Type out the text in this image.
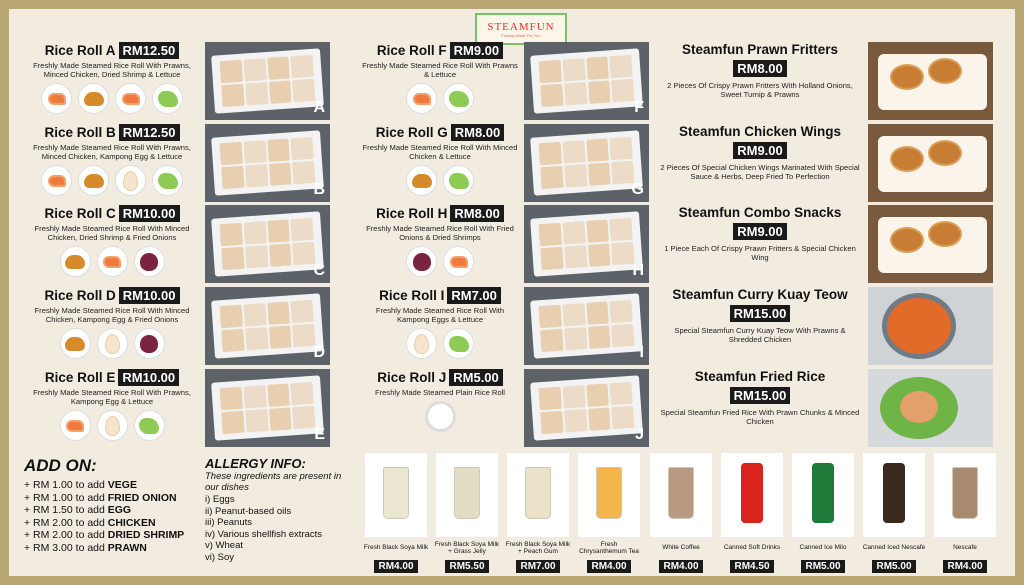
STEAMFUN
Freshly Made For You
Rice Roll A RM12.50
Freshly Made Steamed Rice Roll With Prawns, Minced Chicken, Dried Shrimp & Lettuce
A
Rice Roll B RM12.50
Freshly Made Steamed Rice Roll With Prawns, Minced Chicken, Kampong Egg & Lettuce
B
Rice Roll C RM10.00
Freshly Made Steamed Rice Roll With Minced Chicken, Dried Shrimp & Fried Onions
C
Rice Roll D RM10.00
Freshly Made Steamed Rice Roll With Minced Chicken, Kampong Egg & Fried Onions
D
Rice Roll E RM10.00
Freshly Made Steamed Rice Roll With Prawns, Kampong Egg & Lettuce
E
Rice Roll F RM9.00
Freshly Made Steamed Rice Roll With Prawns & Lettuce
F
Rice Roll G RM8.00
Freshly Made Steamed Rice Roll With Minced Chicken & Lettuce
G
Rice Roll H RM8.00
Freshly Made Steamed Rice Roll With Fried Onions & Dried Shrimps
H
Rice Roll I RM7.00
Freshly Made Steamed Rice Roll With Kampong Eggs & Lettuce
I
Rice Roll J RM5.00
Freshly Made Steamed Plain Rice Roll
J
Steamfun Prawn Fritters
RM8.00
2 Pieces Of Crispy Prawn Fritters With Holland Onions, Sweet Turnip & Prawns
Steamfun Chicken Wings
RM9.00
2 Pieces Of Special Chicken Wings Marinated With Special Sauce & Herbs, Deep Fried To Perfection
Steamfun Combo Snacks
RM9.00
1 Piece Each Of Crispy Prawn Fritters & Special Chicken Wing
Steamfun Curry Kuay Teow
RM15.00
Special Steamfun Curry Kuay Teow With Prawns & Shredded Chicken
Steamfun Fried Rice
RM15.00
Special Steamfun Fried Rice With Prawn Chunks & Minced Chicken
ADD ON:
+ RM 1.00 to add VEGE
+ RM 1.00 to add FRIED ONION
+ RM 1.50 to add EGG
+ RM 2.00 to add CHICKEN
+ RM 2.00 to add DRIED SHRIMP
+ RM 3.00 to add PRAWN
ALLERGY INFO:
These ingredients are present in our dishes
i) Eggs
ii) Peanut-based oils
iii) Peanuts
iv) Various shellfish extracts
v) Wheat
vi) Soy
Fresh Black Soya Milk
RM4.00
Fresh Black Soya Milk + Grass Jelly
RM5.50
Fresh Black Soya Milk + Peach Gum
RM7.00
Fresh Chrysanthemum Tea
RM4.00
White Coffee
RM4.00
Canned Soft Drinks
RM4.50
Canned Ice Milo
RM5.00
Canned Iced Nescafe
RM5.00
Nescafe
RM4.00
